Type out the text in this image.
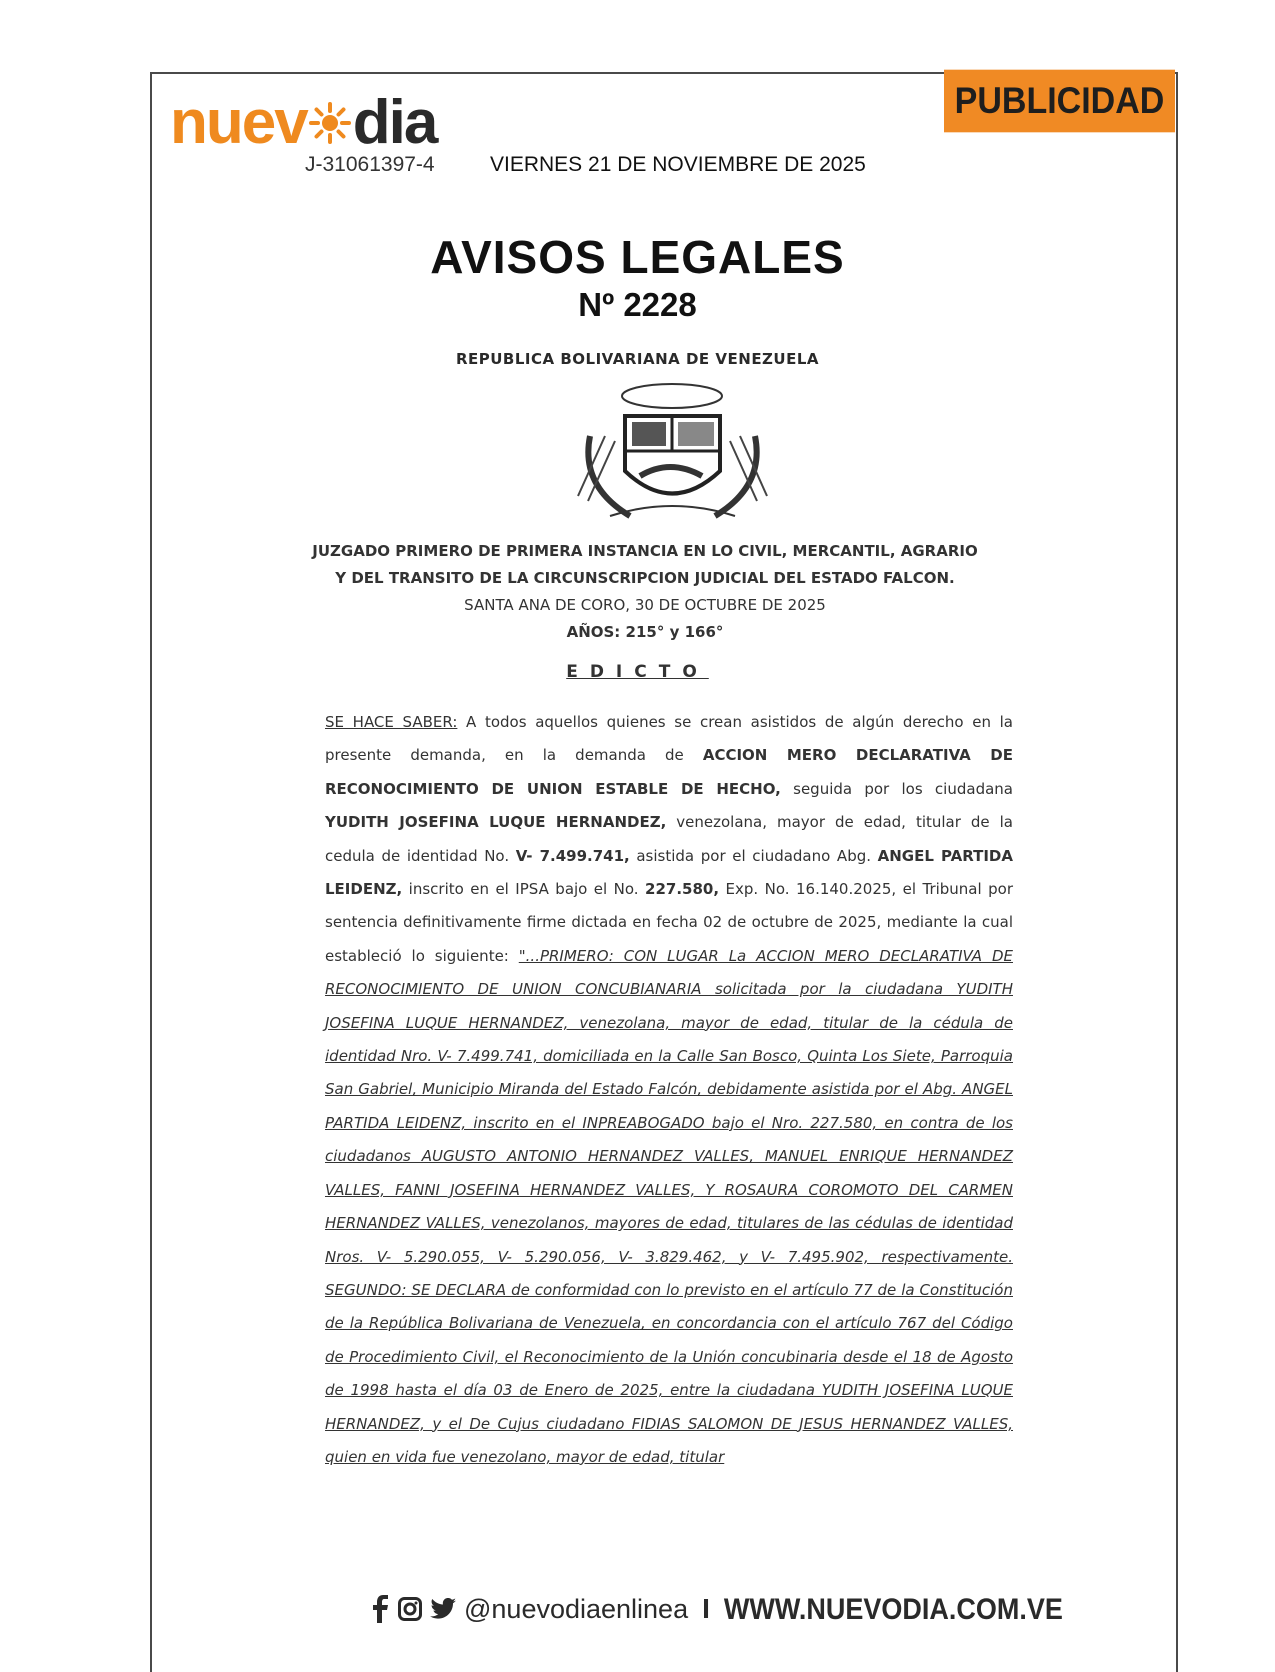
nuev dia
J-31061397-4	VIERNES 21 DE NOVIEMBRE DE 2025
PUBLICIDAD
AVISOS LEGALES
Nº 2228
REPUBLICA BOLIVARIANA DE VENEZUELA
JUZGADO PRIMERO DE PRIMERA INSTANCIA EN LO CIVIL, MERCANTIL, AGRARIO
Y DEL TRANSITO DE LA CIRCUNSCRIPCION JUDICIAL DEL ESTADO FALCON.
SANTA ANA DE CORO, 30 DE OCTUBRE DE 2025
AÑOS: 215° y 166°
EDICTO
SE HACE SABER: A todos aquellos quienes se crean asistidos de algún derecho en la presente demanda, en la demanda de ACCION MERO DECLARATIVA DE RECONOCIMIENTO DE UNION ESTABLE DE HECHO, seguida por los ciudadana YUDITH JOSEFINA LUQUE HERNANDEZ, venezolana, mayor de edad, titular de la cedula de identidad No. V- 7.499.741, asistida por el ciudadano Abg. ANGEL PARTIDA LEIDENZ, inscrito en el IPSA bajo el No. 227.580, Exp. No. 16.140.2025, el Tribunal por sentencia definitivamente firme dictada en fecha 02 de octubre de 2025, mediante la cual estableció lo siguiente: "...PRIMERO: CON LUGAR La ACCION MERO DECLARATIVA DE RECONOCIMIENTO DE UNION CONCUBIANARIA solicitada por la ciudadana YUDITH JOSEFINA LUQUE HERNANDEZ, venezolana, mayor de edad, titular de la cédula de identidad Nro. V- 7.499.741, domiciliada en la Calle San Bosco, Quinta Los Siete, Parroquia San Gabriel, Municipio Miranda del Estado Falcón, debidamente asistida por el Abg. ANGEL PARTIDA LEIDENZ, inscrito en el INPREABOGADO bajo el Nro. 227.580, en contra de los ciudadanos AUGUSTO ANTONIO HERNANDEZ VALLES, MANUEL ENRIQUE HERNANDEZ VALLES, FANNI JOSEFINA HERNANDEZ VALLES, Y ROSAURA COROMOTO DEL CARMEN HERNANDEZ VALLES, venezolanos, mayores de edad, titulares de las cédulas de identidad Nros. V- 5.290.055, V- 5.290.056, V- 3.829.462, y V- 7.495.902, respectivamente. SEGUNDO: SE DECLARA de conformidad con lo previsto en el artículo 77 de la Constitución de la República Bolivariana de Venezuela, en concordancia con el artículo 767 del Código de Procedimiento Civil, el Reconocimiento de la Unión concubinaria desde el 18 de Agosto de 1998 hasta el día 03 de Enero de 2025, entre la ciudadana YUDITH JOSEFINA LUQUE HERNANDEZ, y el De Cujus ciudadano FIDIAS SALOMON DE JESUS HERNANDEZ VALLES, quien en vida fue venezolano, mayor de edad, titular
@nuevodiaenlinea I WWW.NUEVODIA.COM.VE
